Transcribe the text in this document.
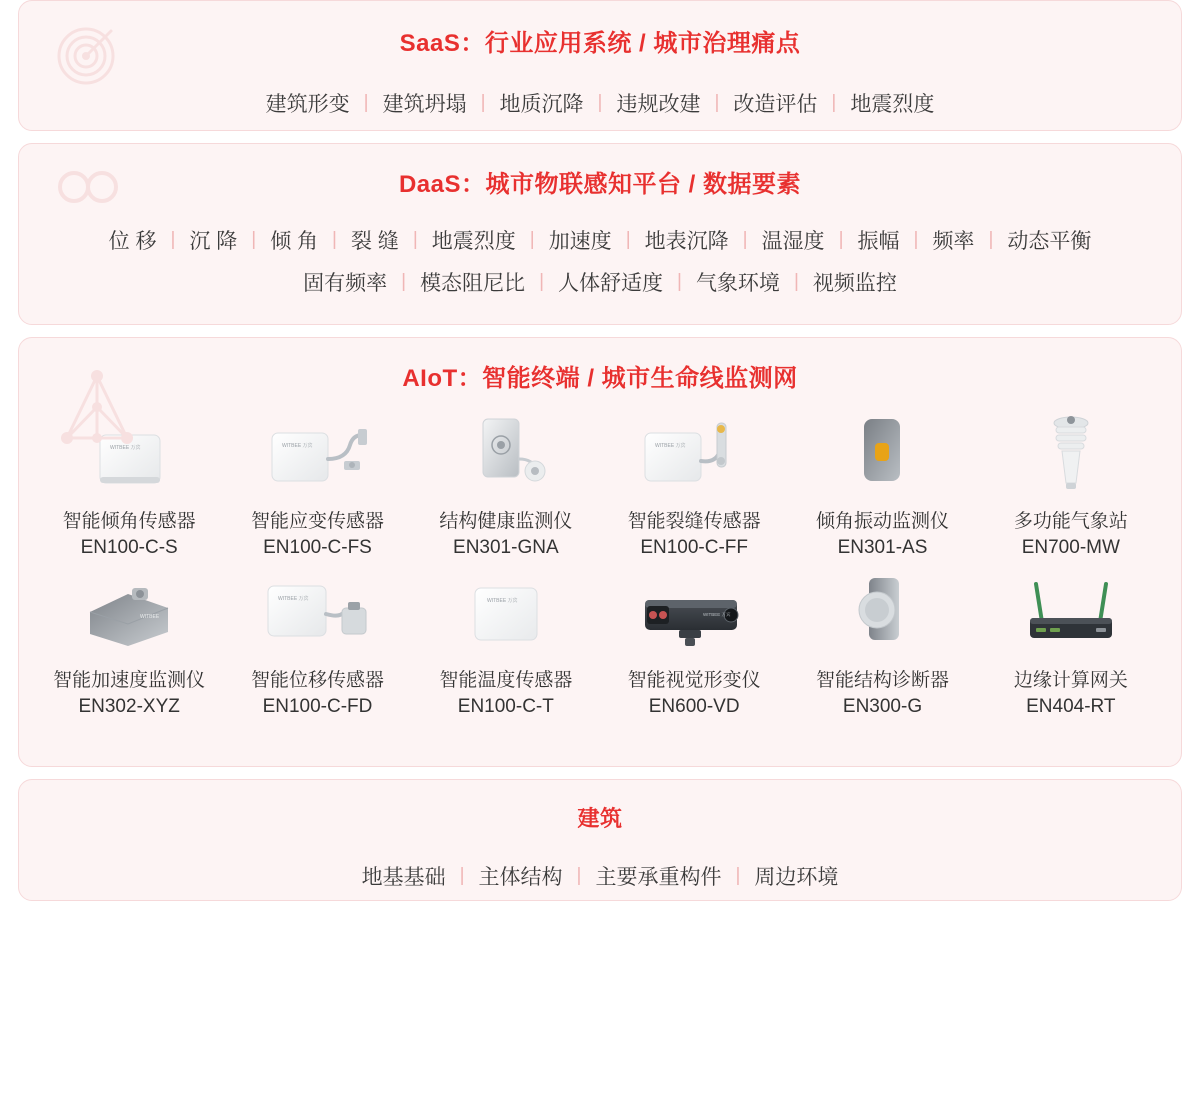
SaaS：行业应用系统 / 城市治理痛点
建筑形变 | 建筑坍塌 | 地质沉降 | 违规改建 | 改造评估 | 地震烈度
DaaS：城市物联感知平台 / 数据要素
位 移 | 沉 降 | 倾 角 | 裂 缝 | 地震烈度 | 加速度 | 地表沉降 | 温湿度 | 振幅 | 频率 | 动态平衡
固有频率 | 模态阻尼比 | 人体舒适度 | 气象环境 | 视频监控
AIoT：智能终端 / 城市生命线监测网
WITBEE 万宾
智能倾角传感器
EN100-C-S
WITBEE 万宾
智能应变传感器
EN100-C-FS
结构健康监测仪
EN301-GNA
WITBEE 万宾
智能裂缝传感器
EN100-C-FF
倾角振动监测仪
EN301-AS
多功能气象站
EN700-MW
WITBEE
智能加速度监测仪
EN302-XYZ
WITBEE 万宾
智能位移传感器
EN100-C-FD
WITBEE 万宾
智能温度传感器
EN100-C-T
WITBEE 万宾
智能视觉形变仪
EN600-VD
智能结构诊断器
EN300-G
边缘计算网关
EN404-RT
建筑
地基基础 | 主体结构 | 主要承重构件 | 周边环境
